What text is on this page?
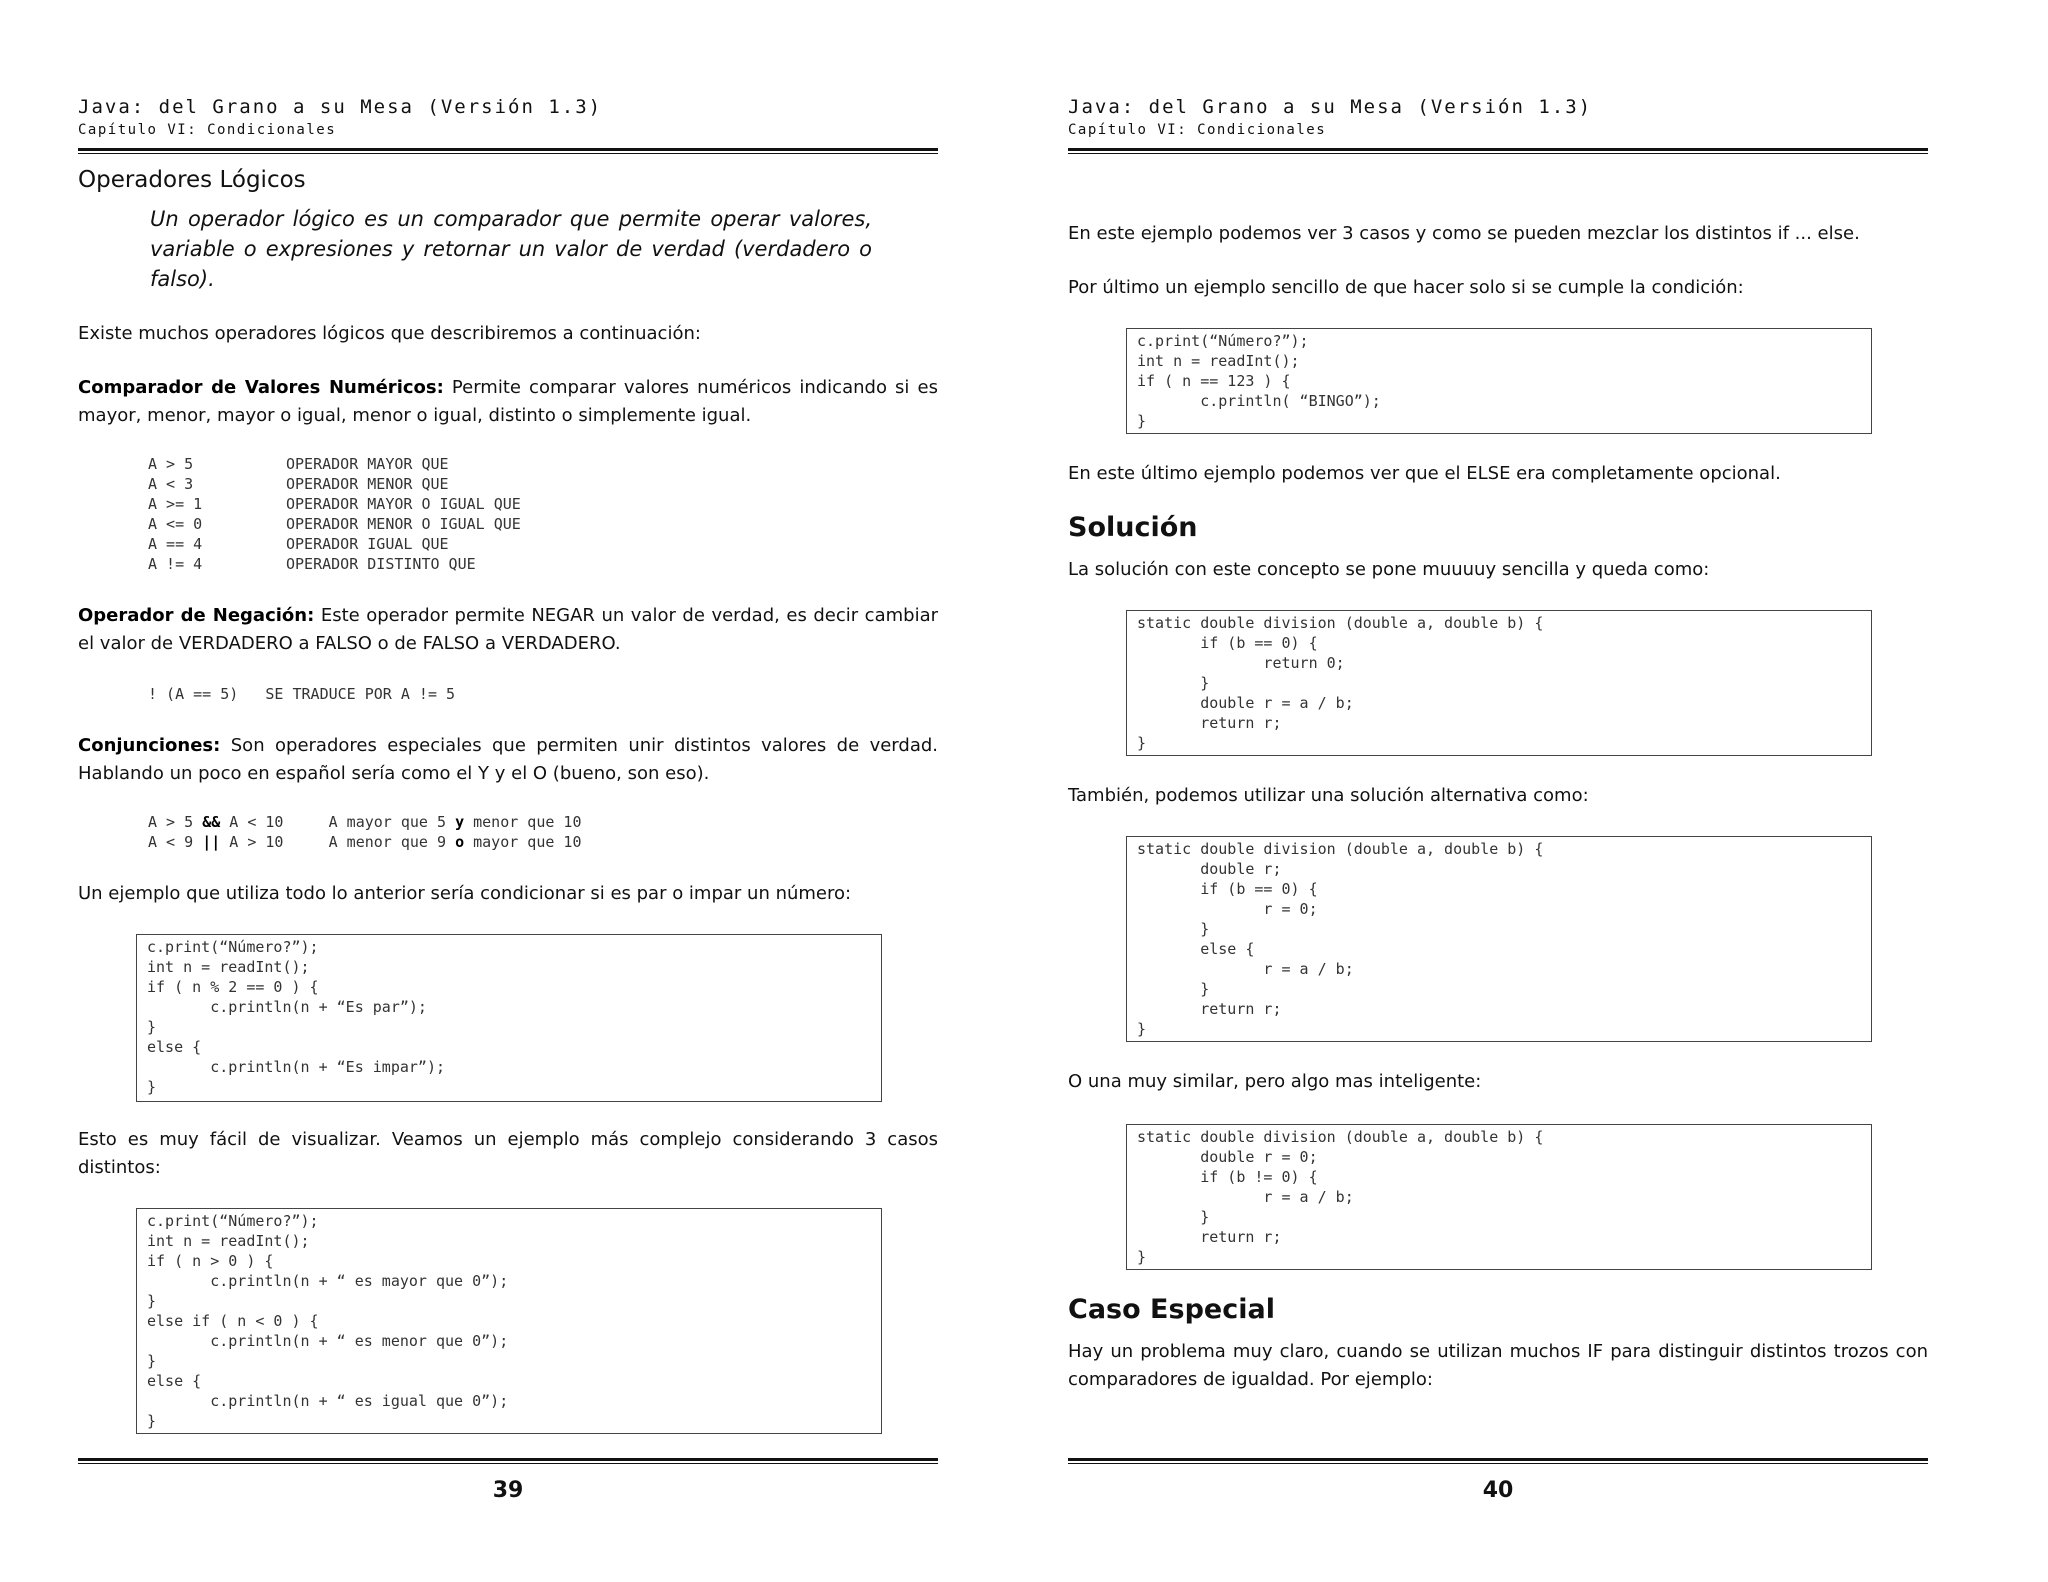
Java: del Grano a su Mesa (Versión 1.3)
Capítulo VI: Condicionales
Operadores Lógicos
Un operador lógico es un comparador que permite operar valores, variable o expresiones y retornar un valor de verdad (verdadero o falso).
Existe muchos operadores lógicos que describiremos a continuación:
Comparador de Valores Numéricos: Permite comparar valores numéricos indicando si es mayor, menor, mayor o igual, menor o igual, distinto o simplemente igual.
A > 5	OPERADOR MAYOR QUE
A < 3	OPERADOR MENOR QUE
A >= 1	OPERADOR MAYOR O IGUAL QUE
A <= 0	OPERADOR MENOR O IGUAL QUE
A == 4	OPERADOR IGUAL QUE
A != 4	OPERADOR DISTINTO QUE
Operador de Negación: Este operador permite NEGAR un valor de verdad, es decir cambiar el valor de VERDADERO a FALSO o de FALSO a VERDADERO.
! (A == 5)   SE TRADUCE POR A != 5
Conjunciones: Son operadores especiales que permiten unir distintos valores de verdad. Hablando un poco en español sería como el Y y el O (bueno, son eso).
A > 5 && A < 10     A mayor que 5 y menor que 10
A < 9 || A > 10     A menor que 9 o mayor que 10
Un ejemplo que utiliza todo lo anterior sería condicionar si es par o impar un número:
c.print(“Número?”);
int n = readInt();
if ( n % 2 == 0 ) {
c.println(n + “Es par”);
}
else {
c.println(n + “Es impar”);
}
Esto es muy fácil de visualizar. Veamos un ejemplo más complejo considerando 3 casos distintos:
c.print(“Número?”);
int n = readInt();
if ( n > 0 ) {
c.println(n + “ es mayor que 0”);
}
else if ( n < 0 ) {
c.println(n + “ es menor que 0”);
}
else {
c.println(n + “ es igual que 0”);
}
39
Java: del Grano a su Mesa (Versión 1.3)
Capítulo VI: Condicionales
En este ejemplo podemos ver 3 casos y como se pueden mezclar los distintos if ... else.
Por último un ejemplo sencillo de que hacer solo si se cumple la condición:
c.print(“Número?”);
int n = readInt();
if ( n == 123 ) {
c.println( “BINGO”);
}
En este último ejemplo podemos ver que el ELSE era completamente opcional.
Solución
La solución con este concepto se pone muuuuy sencilla y queda como:
static double division (double a, double b) {
if (b == 0) {
return 0;
}
double r = a / b;
return r;
}
También, podemos utilizar una solución alternativa como:
static double division (double a, double b) {
double r;
if (b == 0) {
r = 0;
}
else {
r = a / b;
}
return r;
}
O una muy similar, pero algo mas inteligente:
static double division (double a, double b) {
double r = 0;
if (b != 0) {
r = a / b;
}
return r;
}
Caso Especial
Hay un problema muy claro, cuando se utilizan muchos IF para distinguir distintos trozos con comparadores de igualdad. Por ejemplo:
40
